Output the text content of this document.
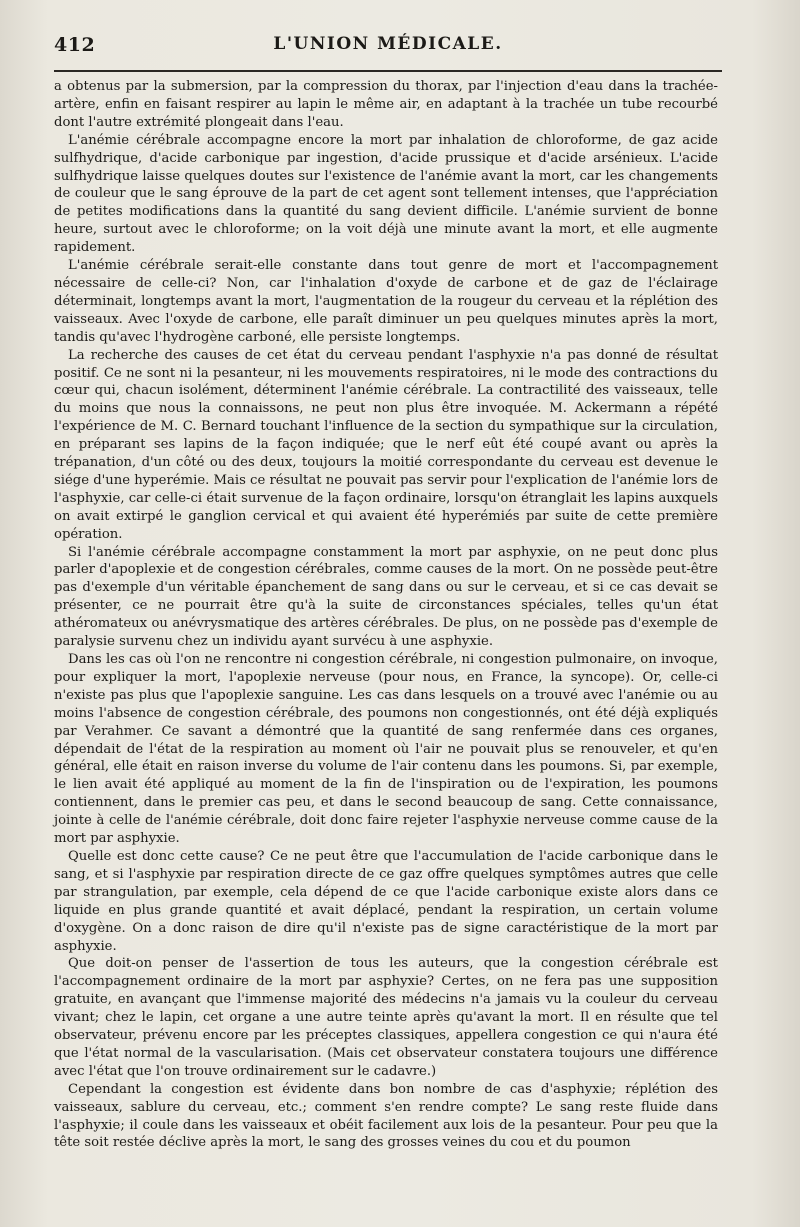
412	L'UNION MÉDICALE.

a obtenus par la submersion, par la compression du thorax, par l'injection d'eau dans la trachée-artère, enfin en faisant respirer au lapin le même air, en adaptant à la trachée un tube recourbé dont l'autre extrémité plongeait dans l'eau.

L'anémie cérébrale accompagne encore la mort par inhalation de chloroforme, de gaz acide sulfhydrique, d'acide carbonique par ingestion, d'acide prussique et d'acide arsénieux. L'acide sulfhydrique laisse quelques doutes sur l'existence de l'anémie avant la mort, car les changements de couleur que le sang éprouve de la part de cet agent sont tellement intenses, que l'appréciation de petites modifications dans la quantité du sang devient difficile. L'anémie survient de bonne heure, surtout avec le chloroforme; on la voit déjà une minute avant la mort, et elle augmente rapidement.

L'anémie cérébrale serait-elle constante dans tout genre de mort et l'accompagnement nécessaire de celle-ci? Non, car l'inhalation d'oxyde de carbone et de gaz de l'éclairage déterminait, longtemps avant la mort, l'augmentation de la rougeur du cerveau et la réplétion des vaisseaux. Avec l'oxyde de carbone, elle paraît diminuer un peu quelques minutes après la mort, tandis qu'avec l'hydrogène carboné, elle persiste longtemps.

La recherche des causes de cet état du cerveau pendant l'asphyxie n'a pas donné de résultat positif. Ce ne sont ni la pesanteur, ni les mouvements respiratoires, ni le mode des contractions du cœur qui, chacun isolément, déterminent l'anémie cérébrale. La contractilité des vaisseaux, telle du moins que nous la connaissons, ne peut non plus être invoquée. M. Ackermann a répété l'expérience de M. C. Bernard touchant l'influence de la section du sympathique sur la circulation, en préparant ses lapins de la façon indiquée; que le nerf eût été coupé avant ou après la trépanation, d'un côté ou des deux, toujours la moitié correspondante du cerveau est devenue le siége d'une hyperémie. Mais ce résultat ne pouvait pas servir pour l'explication de l'anémie lors de l'asphyxie, car celle-ci était survenue de la façon ordinaire, lorsqu'on étranglait les lapins auxquels on avait extirpé le ganglion cervical et qui avaient été hyperémiés par suite de cette première opération.

Si l'anémie cérébrale accompagne constamment la mort par asphyxie, on ne peut donc plus parler d'apoplexie et de congestion cérébrales, comme causes de la mort. On ne possède peut-être pas d'exemple d'un véritable épanchement de sang dans ou sur le cerveau, et si ce cas devait se présenter, ce ne pourrait être qu'à la suite de circonstances spéciales, telles qu'un état athéromateux ou anévrysmatique des artères cérébrales. De plus, on ne possède pas d'exemple de paralysie survenu chez un individu ayant survécu à une asphyxie.

Dans les cas où l'on ne rencontre ni congestion cérébrale, ni congestion pulmonaire, on invoque, pour expliquer la mort, l'apoplexie nerveuse (pour nous, en France, la syncope). Or, celle-ci n'existe pas plus que l'apoplexie sanguine. Les cas dans lesquels on a trouvé avec l'anémie ou au moins l'absence de congestion cérébrale, des poumons non congestionnés, ont été déjà expliqués par Verahmer. Ce savant a démontré que la quantité de sang renfermée dans ces organes, dépendait de l'état de la respiration au moment où l'air ne pouvait plus se renouveler, et qu'en général, elle était en raison inverse du volume de l'air contenu dans les poumons. Si, par exemple, le lien avait été appliqué au moment de la fin de l'inspiration ou de l'expiration, les poumons contiennent, dans le premier cas peu, et dans le second beaucoup de sang. Cette connaissance, jointe à celle de l'anémie cérébrale, doit donc faire rejeter l'asphyxie nerveuse comme cause de la mort par asphyxie.

Quelle est donc cette cause? Ce ne peut être que l'accumulation de l'acide carbonique dans le sang, et si l'asphyxie par respiration directe de ce gaz offre quelques symptômes autres que celle par strangulation, par exemple, cela dépend de ce que l'acide carbonique existe alors dans ce liquide en plus grande quantité et avait déplacé, pendant la respiration, un certain volume d'oxygène. On a donc raison de dire qu'il n'existe pas de signe caractéristique de la mort par asphyxie.

Que doit-on penser de l'assertion de tous les auteurs, que la congestion cérébrale est l'accompagnement ordinaire de la mort par asphyxie? Certes, on ne fera pas une supposition gratuite, en avançant que l'immense majorité des médecins n'a jamais vu la couleur du cerveau vivant; chez le lapin, cet organe a une autre teinte après qu'avant la mort. Il en résulte que tel observateur, prévenu encore par les préceptes classiques, appellera congestion ce qui n'aura été que l'état normal de la vascularisation. (Mais cet observateur constatera toujours une différence avec l'état que l'on trouve ordinairement sur le cadavre.)

Cependant la congestion est évidente dans bon nombre de cas d'asphyxie; réplétion des vaisseaux, sablure du cerveau, etc.; comment s'en rendre compte? Le sang reste fluide dans l'asphyxie; il coule dans les vaisseaux et obéit facilement aux lois de la pesanteur. Pour peu que la tête soit restée déclive après la mort, le sang des grosses veines du cou et du poumon
